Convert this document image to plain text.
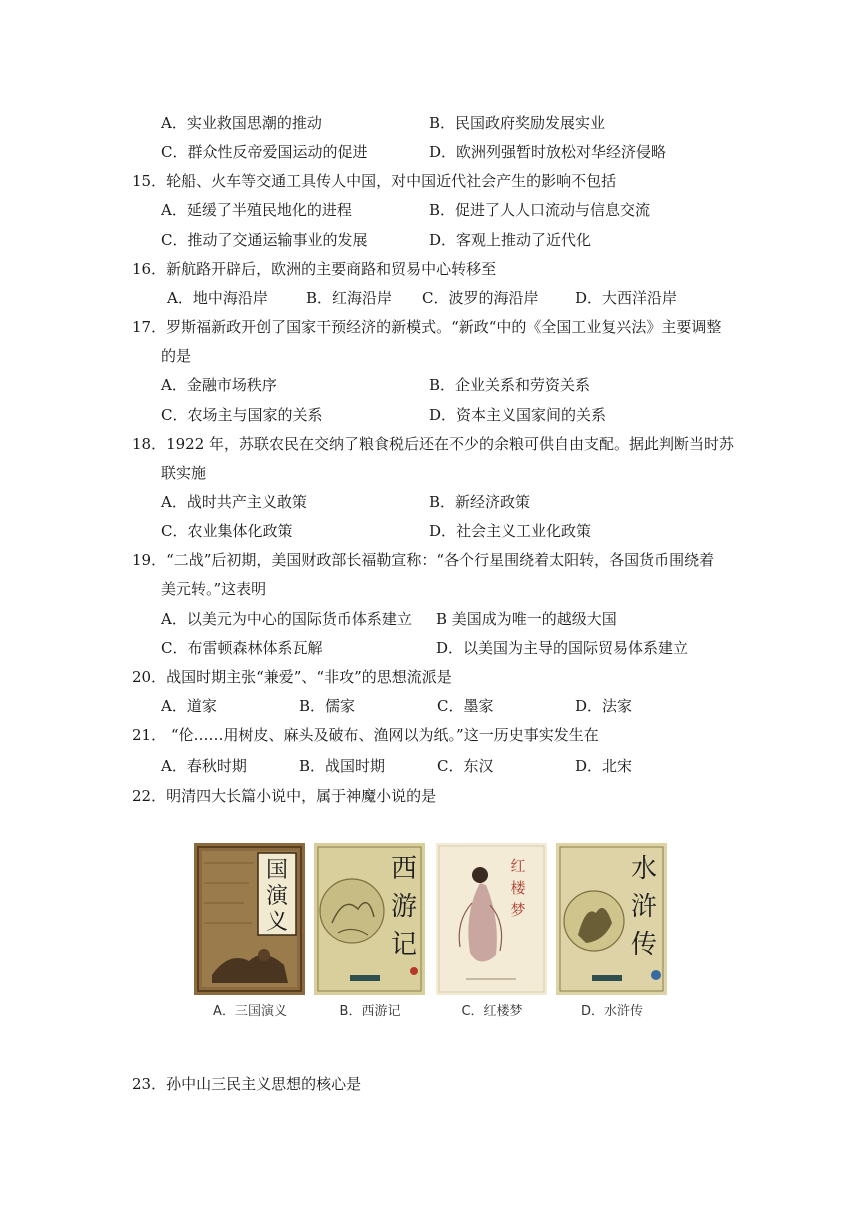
A．实业救国思潮的推动	B．民国政府奖励发展实业
C．群众性反帝爱国运动的促进	D．欧洲列强暂时放松对华经济侵略
15．轮船、火车等交通工具传人中国，对中国近代社会产生的影响不包括
A．延缓了半殖民地化的进程	B．促进了人人口流动与信息交流
C．推动了交通运输事业的发展	D．客观上推动了近代化
16．新航路开辟后，欧洲的主要商路和贸易中心转移至
A．地中海沿岸	B．红海沿岸 C．波罗的海沿岸 D．大西洋沿岸
17．罗斯福新政开创了国家干预经济的新模式。“新政“中的《全国工业复兴法》主要调整
的是
A．金融市场秩序	B．企业关系和劳资关系
C．农场主与国家的关系	D．资本主义国家间的关系
18．1922 年，苏联农民在交纳了粮食税后还在不少的余粮可供自由支配。据此判断当时苏
联实施
A．战时共产主义敢策	B．新经济政策
C．农业集体化政策	D．社会主义工业化政策
19．“二战”后初期，美国财政部长福勒宣称：“各个行星围绕着太阳转，各国货币围绕着
美元转。”这表明
A．以美元为中心的国际货币体系建立 B 美国成为唯一的越级大国
C．布雷顿森林体系瓦解	D．以美国为主导的国际贸易体系建立
20．战国时期主张“兼爱”、“非攻”的思想流派是
A．道家	B．儒家	C．墨家	D．法家
21． “伦……用树皮、麻头及破布、渔网以为纸。”这一历史事实发生在
A．春秋时期	B．战国时期	C．东汉	D．北宋
22．明清四大长篇小说中，属于神魔小说的是
国
演
义
A．三国演义
西
游
记
B．西游记
红
楼
梦
C．红楼梦
水
浒
传
D．水浒传
23．孙中山三民主义思想的核心是
